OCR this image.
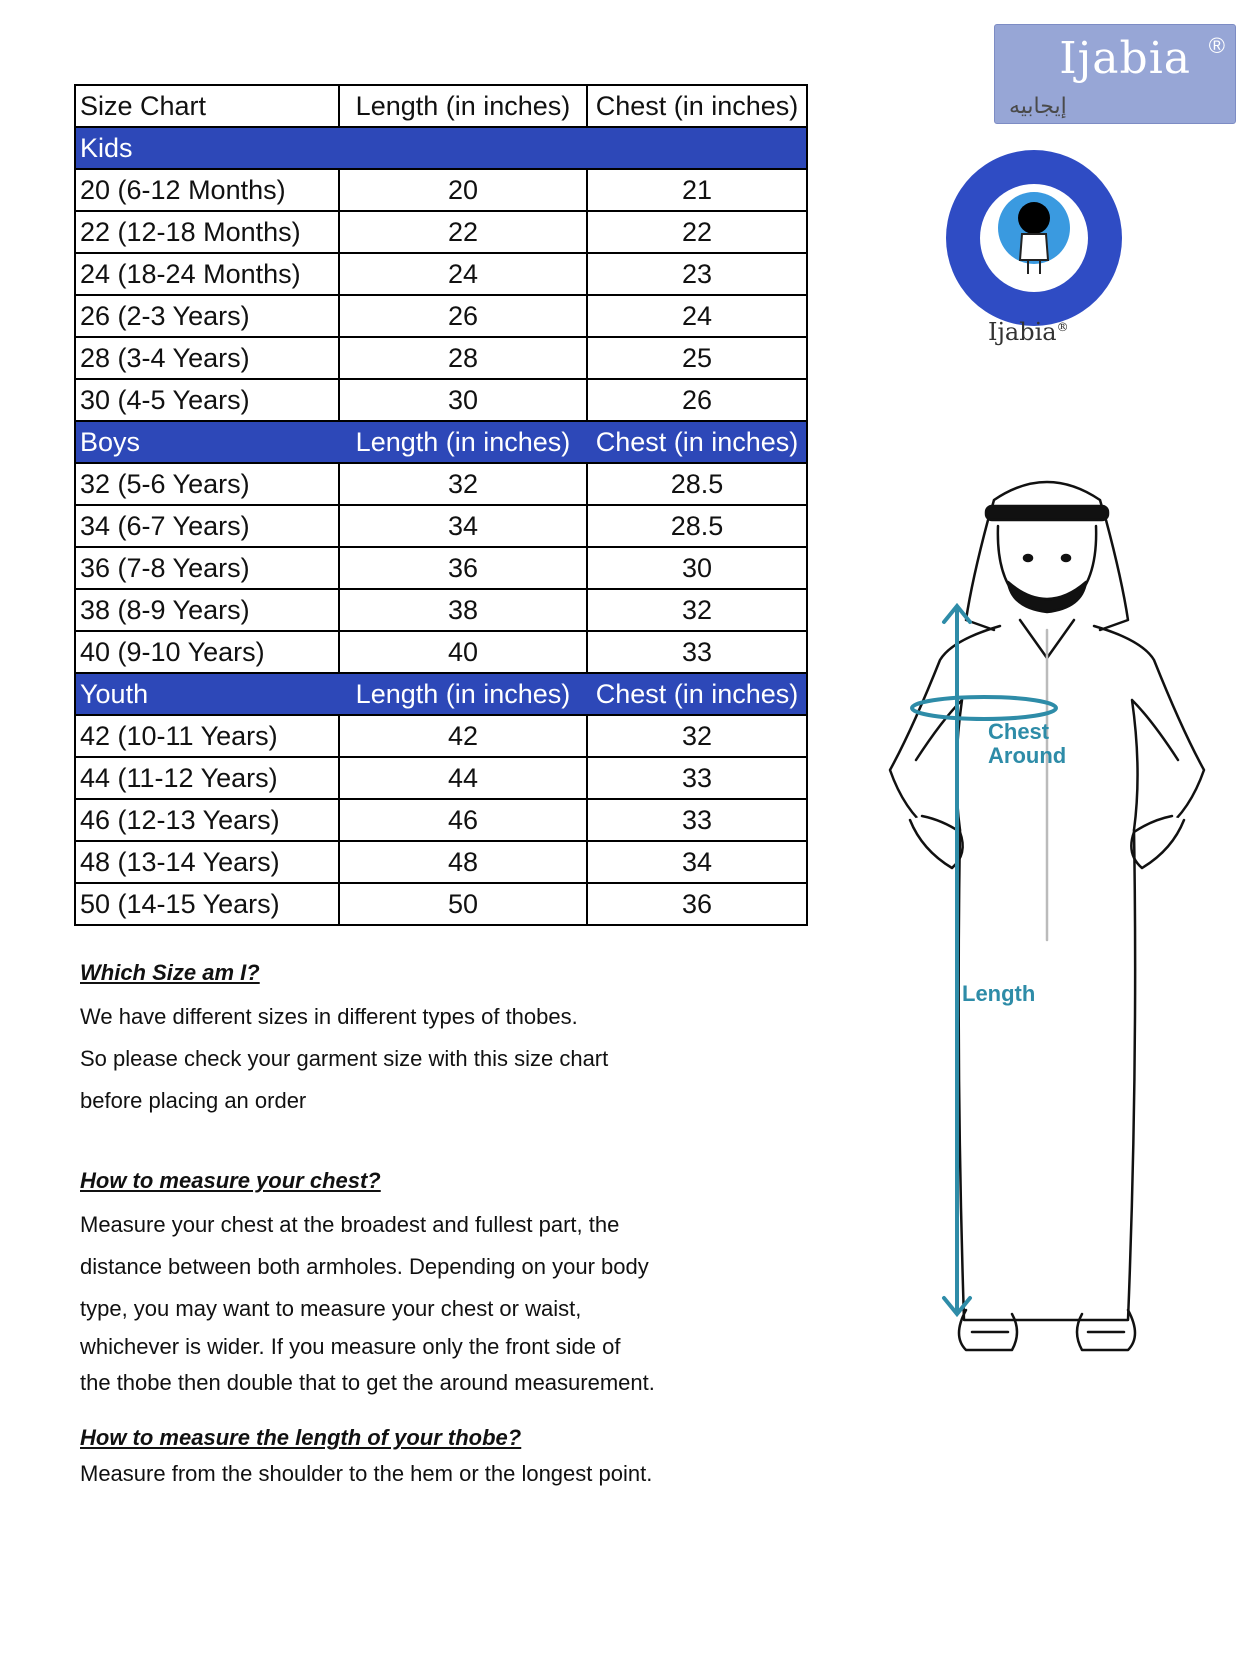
Size Chart	Length (in inches)	Chest (in inches)
Kids		
20 (6-12 Months)	20	21
22 (12-18 Months)	22	22
24 (18-24 Months)	24	23
26 (2-3 Years)	26	24
28 (3-4 Years)	28	25
30 (4-5 Years)	30	26
Boys	Length (in inches)	Chest (in inches)
32 (5-6 Years)	32	28.5
34 (6-7 Years)	34	28.5
36 (7-8 Years)	36	30
38 (8-9 Years)	38	32
40 (9-10 Years)	40	33
Youth	Length (in inches)	Chest (in inches)
42 (10-11 Years)	42	32
44 (11-12 Years)	44	33
46 (12-13 Years)	46	33
48 (13-14 Years)	48	34
50 (14-15 Years)	50	36
Which Size am I?
We have different sizes in different types of thobes.
So please check your garment size with this size chart
before placing an order
How to measure your chest?
Measure your chest at the broadest and fullest part, the
distance between both armholes. Depending on your body
type, you may want to measure your chest or waist,
whichever is wider. If you measure only the front side of
the thobe then double that to get the around measurement.
How to measure the length of your thobe?
Measure from the shoulder to the hem or the longest point.
Ijabia ®
إيجابيه
Ijabia®
Chest
Around
Length
